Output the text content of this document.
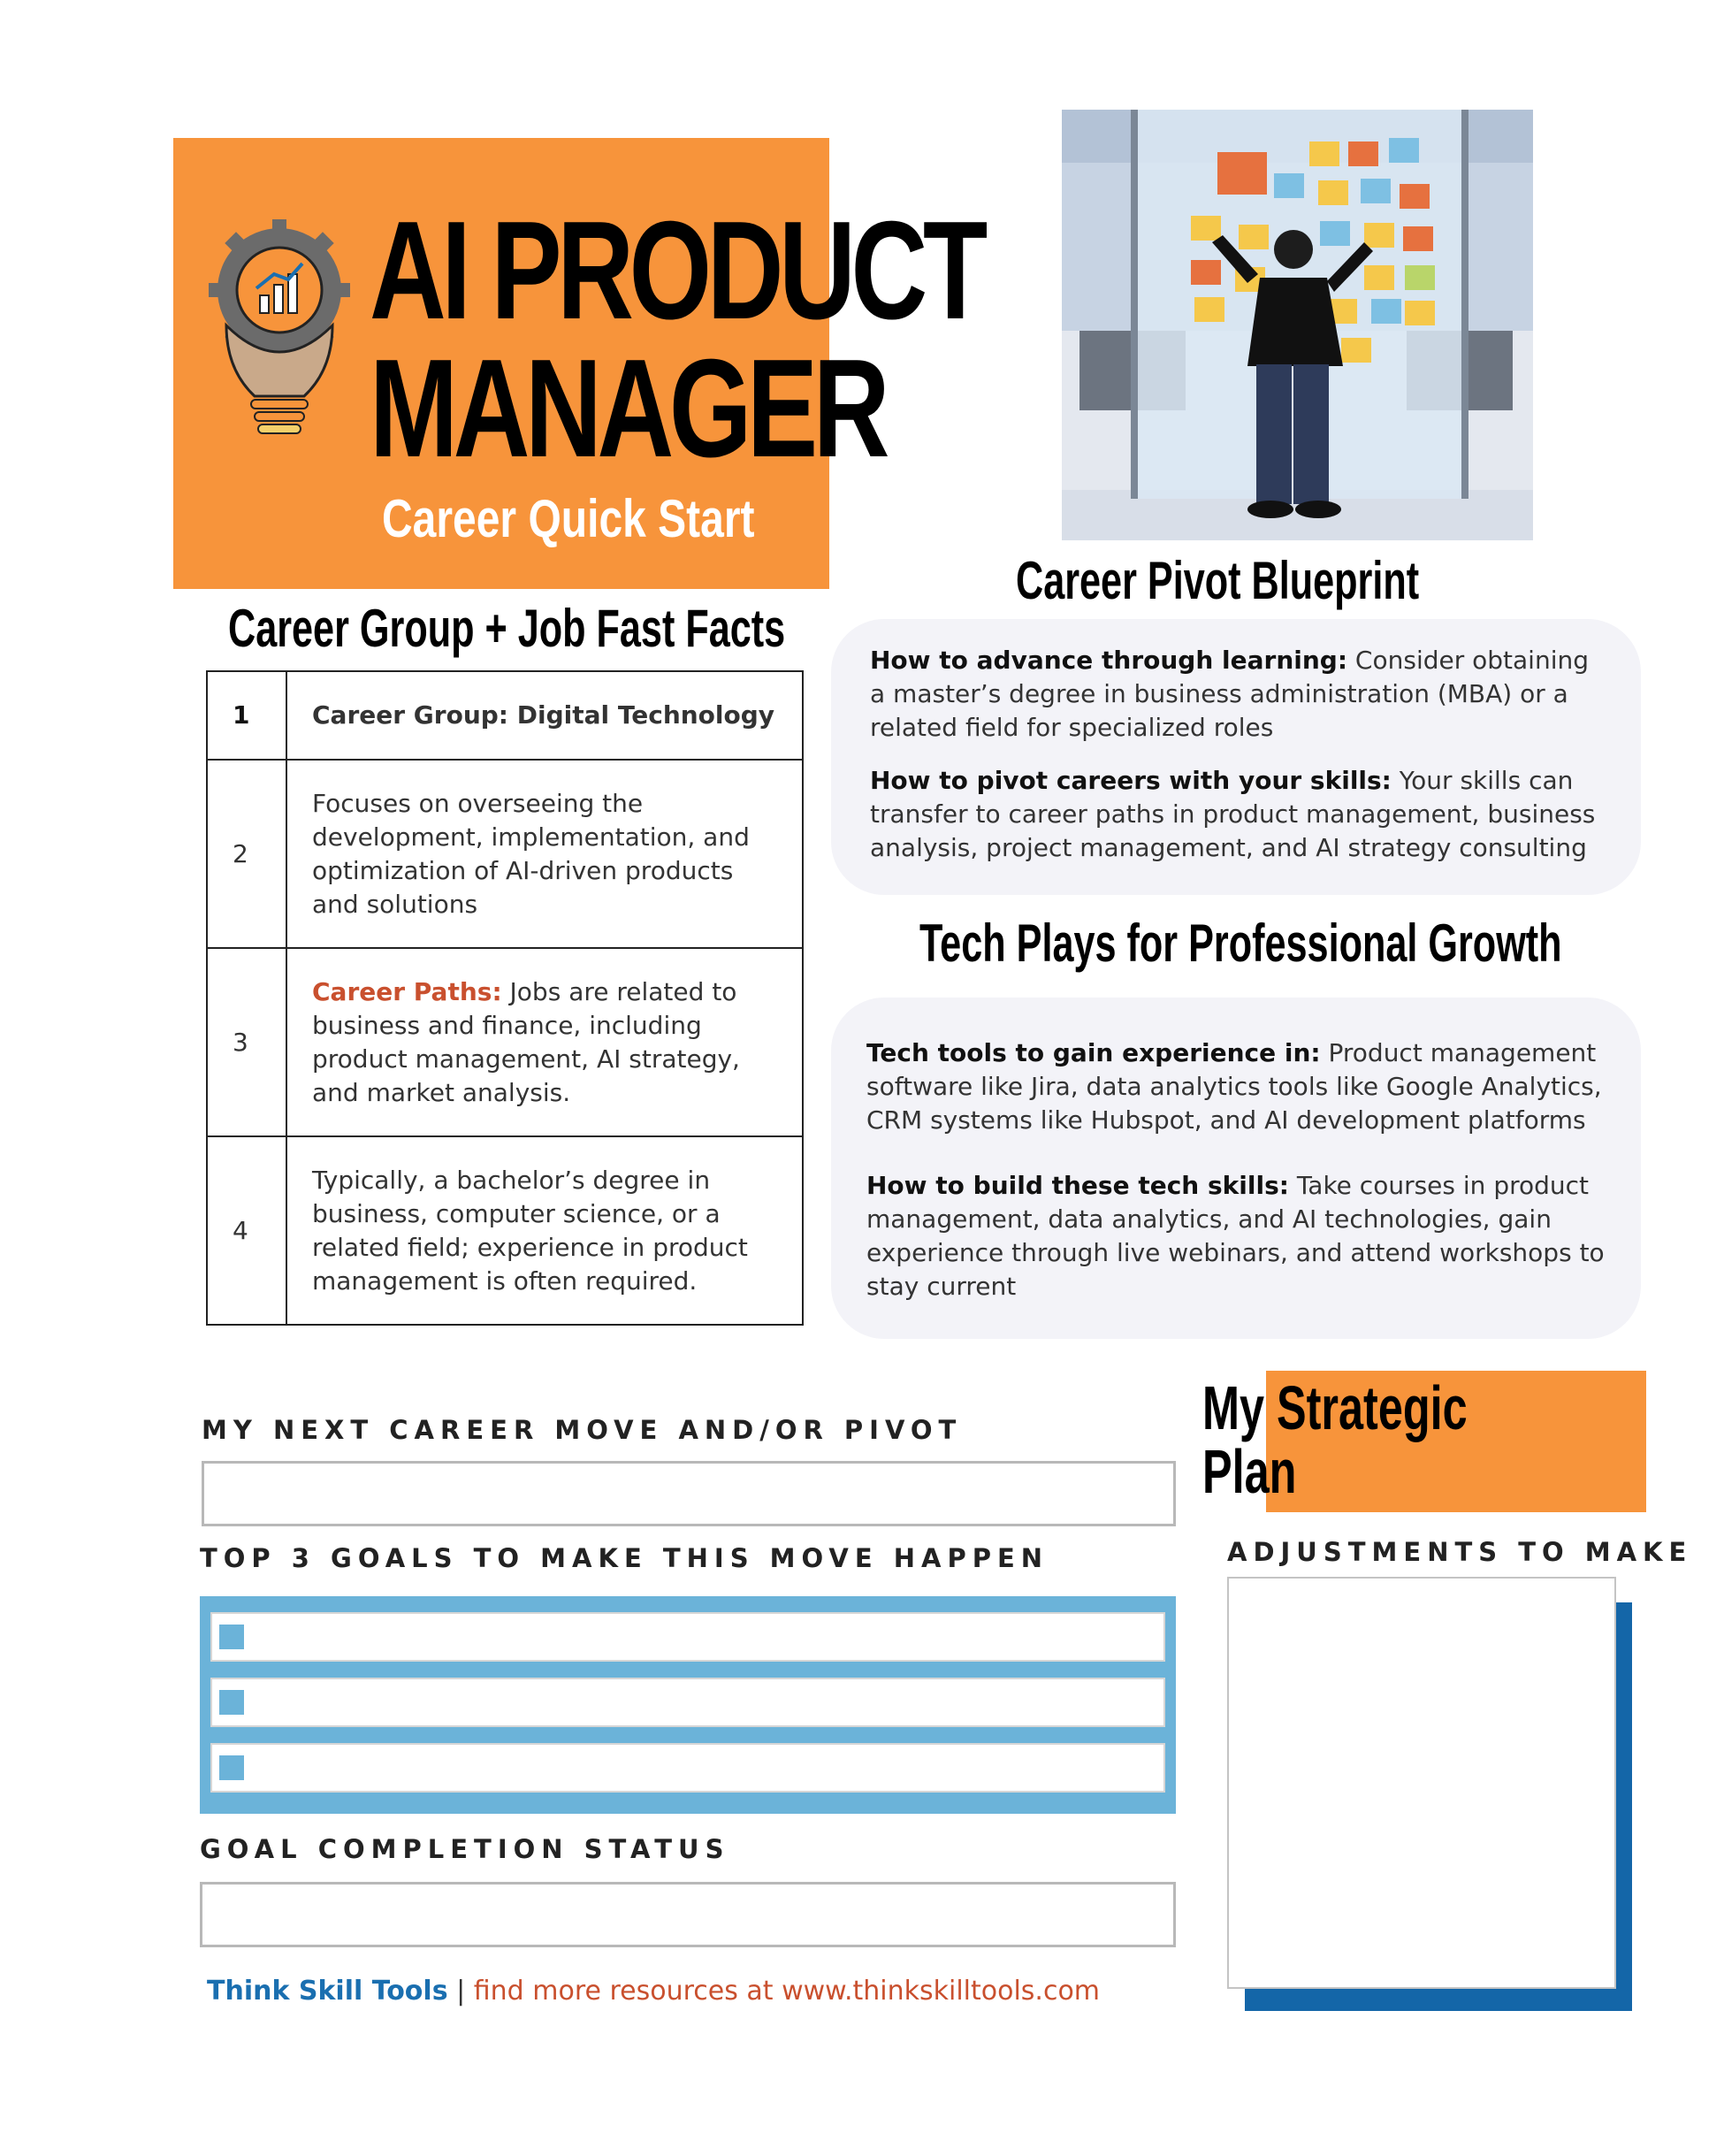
AI PRODUCT
MANAGER
Career Quick Start
Career Group + Job Fast Facts
Career Pivot Blueprint
Tech Plays for Professional Growth
1	Career Group: Digital Technology
2	Focuses on overseeing the development, implementation, and optimization of AI-driven products and solutions
3	Career Paths: Jobs are related to business and finance, including product management, AI strategy, and market analysis.
4	Typically, a bachelor’s degree in business, computer science, or a related field; experience in product management is often required.

How to advance through learning: Consider obtaining a master’s degree in business administration (MBA) or a related field for specialized roles

How to pivot careers with your skills: Your skills can transfer to career paths in product management, business analysis, project management, and AI strategy consulting

Tech tools to gain experience in: Product management software like Jira, data analytics tools like Google Analytics, CRM systems like Hubspot, and AI development platforms

How to build these tech skills: Take courses in product management, data analytics, and AI technologies, gain experience through live webinars, and attend workshops to stay current

MY NEXT CAREER MOVE AND/OR PIVOT
TOP 3 GOALS TO MAKE THIS MOVE HAPPEN
GOAL COMPLETION STATUS
My Strategic
Plan
ADJUSTMENTS TO MAKE
Think Skill Tools | find more resources at www.thinkskilltools.com
